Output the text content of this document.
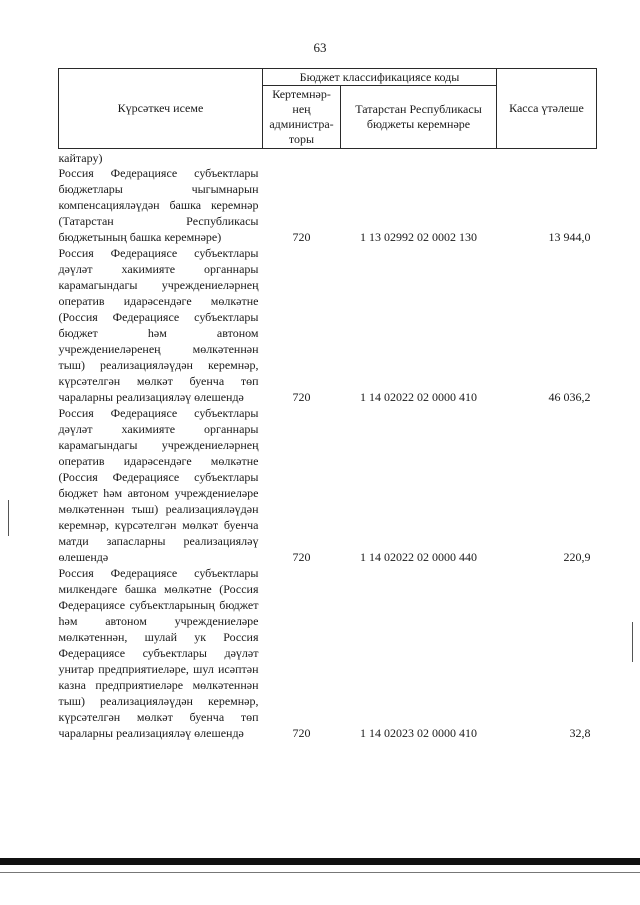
63
Күрсәткеч исеме	Бюджет классификациясе коды		Касса үтәлеше
	Кертемнәр-нең администра-торы	Татарстан Республикасы бюджеты керемнәре	
кайтару)			
Россия Федерациясе субъектлары бюджетлары чыгымнарын компенсацияләүдән башка керемнәр (Татарстан Республикасы бюджетының башка керемнәре)	720	1 13 02992 02 0002 130	13 944,0
Россия Федерациясе субъектлары дәүләт хакимияте органнары карамагындагы учреждениеләрнең оператив идарәсендәге мөлкәтне (Россия Федерациясе субъектлары бюджет һәм автоном учреждениеләренең мөлкәтеннән тыш) реализацияләүдән керемнәр, күрсәтелгән мөлкәт буенча төп чараларны реализацияләү өлешендә	720	1 14 02022 02 0000 410	46 036,2
Россия Федерациясе субъектлары дәүләт хакимияте органнары карамагындагы учреждениеләрнең оператив идарәсендәге мөлкәтне (Россия Федерациясе субъектлары бюджет һәм автоном учреждениеләре мөлкәтеннән тыш) реализацияләүдән керемнәр, күрсәтелгән мөлкәт буенча матди запасларны реализацияләү өлешендә	720	1 14 02022 02 0000 440	220,9
Россия Федерациясе субъектлары милкендәге башка мөлкәтне (Россия Федерациясе субъектларының бюджет һәм автоном учреждениеләре мөлкәтеннән, шулай ук Россия Федерациясе субъектлары дәүләт унитар предприятиеләре, шул исәптән казна предприятиеләре мөлкәтеннән тыш) реализацияләүдән керемнәр, күрсәтелгән мөлкәт буенча төп чараларны реализацияләү өлешендә	720	1 14 02023 02 0000 410	32,8
